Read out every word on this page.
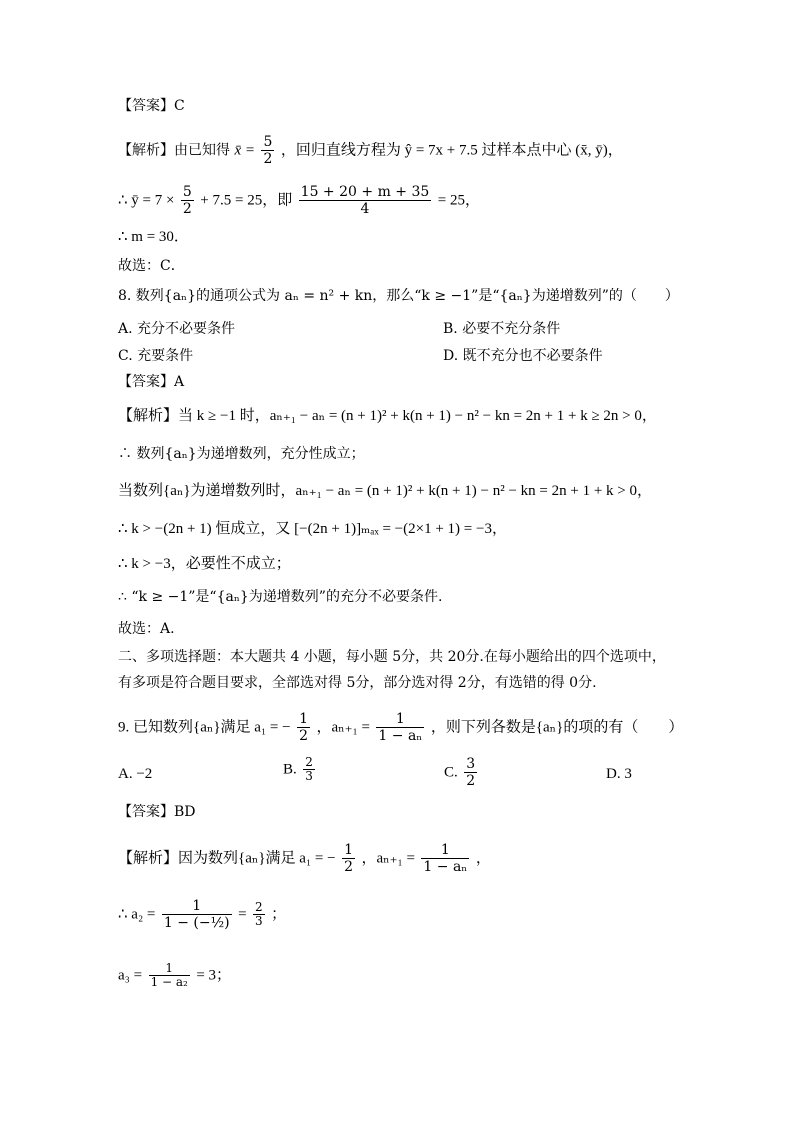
【答案】C
【解析】由已知得 x̄ = $\frac{5}{2}$ ，回归直线方程为 ŷ = 7x + 7.5 过样本点中心 (x̄, ȳ)，
∴ ȳ = $7 \times \frac{5}{2} + 7.5 = 25$，即 $\frac{15 + 20 + m + 35}{4} = 25$，
∴ m = 30．
故选：C．
8. 数列{aₙ}的通项公式为 aₙ = n² + kn，那么“k ≥ −1”是“{aₙ}为递增数列”的（　　）
A. 充分不必要条件	B. 必要不充分条件
C. 充要条件	D. 既不充分也不必要条件
【答案】A
【解析】当 k ≥ −1 时，aₙ₊₁ − aₙ = (n + 1)² + k(n + 1) − n² − kn = 2n + 1 + k ≥ 2n > 0，
∴ 数列{aₙ}为递增数列，充分性成立；
当数列{aₙ}为递增数列时，aₙ₊₁ − aₙ = (n + 1)² + k(n + 1) − n² − kn = 2n + 1 + k > 0，
∴ k > −(2n + 1) 恒成立，又 [−(2n + 1)]ₘₐₓ = −(2×1 + 1) = −3，
∴ k > −3，必要性不成立；
∴ “k ≥ −1”是“{aₙ}为递增数列”的充分不必要条件.
故选：A.
二、多项选择题：本大题共 4 小题，每小题 5分，共 20分.在每小题给出的四个选项中，
有多项是符合题目要求，全部选对得 5分，部分选对得 2分，有选错的得 0分.
9. 已知数列{aₙ}满足 a₁ = − $\frac{1}{2}$ ，$a_{n+1} = \frac{1}{\text{1 − aₙ}}$ ，则下列各数是{aₙ}的项的有（　　）
A. −2	B. $\frac{2}{3}$	C. $\frac{3}{2}$	D. 3
【答案】BD
【解析】因为数列{aₙ}满足 a₁ = − $\frac{1}{2}$ ，$a_{n+1} = \frac{1}{\text{1 − aₙ}}$ ，
∴ $a_2 = \frac{1}{\text{1 − (−½)}} = \frac{2}{3}$ ；
$a_3 = \frac{1}{\text{1 − a₂}} = 3$；
